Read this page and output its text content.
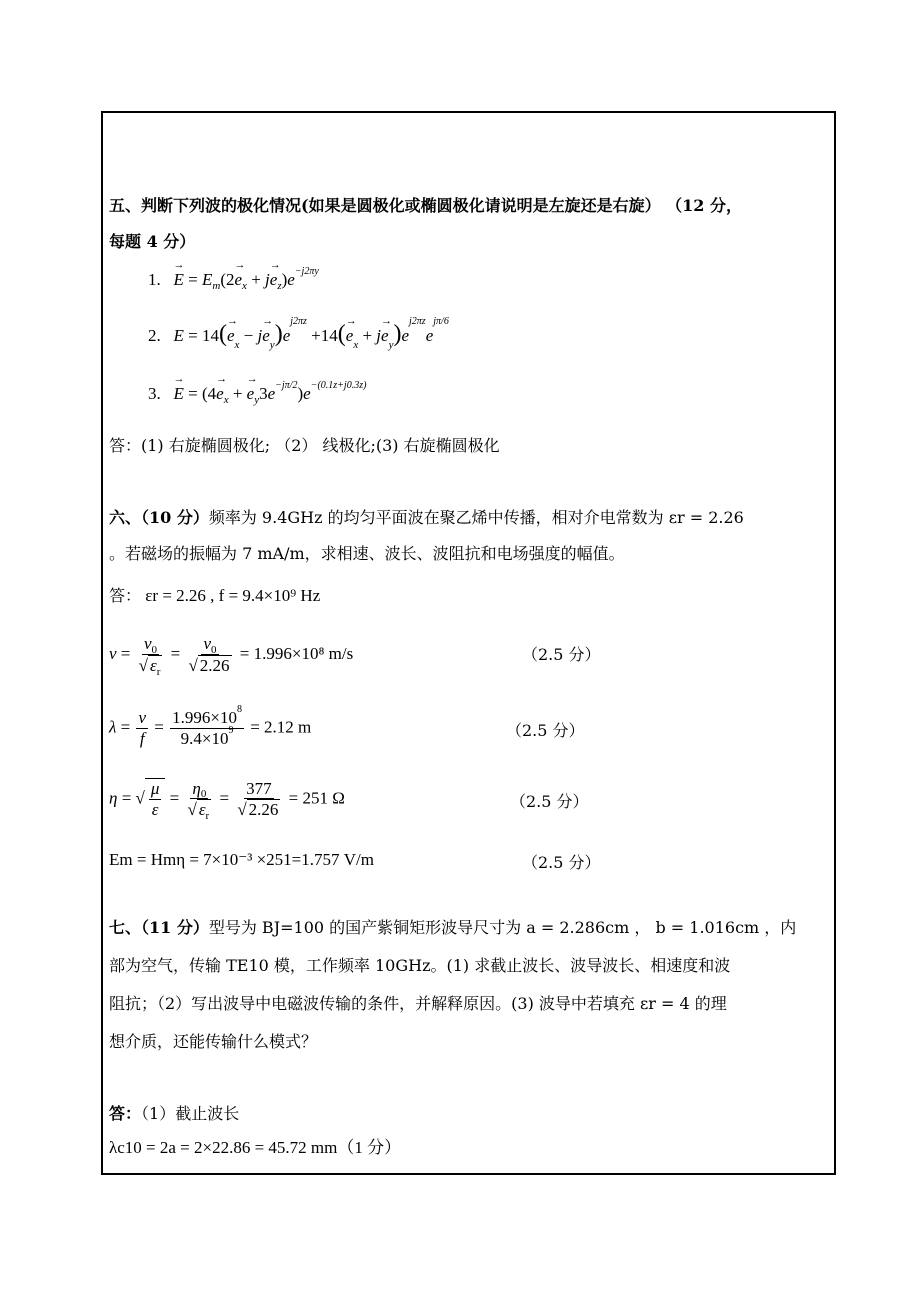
五、判断下列波的极化情况(如果是圆极化或椭圆极化请说明是左旋还是右旋） （12 分，
每题 4 分）
1. → $E = E_m(2\to e_x + j\to e_z)e^{-j2\pi y}$
2. $E = 14(\to e_x - j\to e_y)e^{j2\pi z} +14(\to e_x + j\to e_y)e^{j2\pi z}e^{j\pi/6}$
3. → $E = (4\to e_x$ + → $e_y3e^{-j\pi/2})e^{-(0.1z+j0.3z)}$
答：(1) 右旋椭圆极化; （2） 线极化;(3) 右旋椭圆极化
六、（10 分）频率为 9.4GHz 的均匀平面波在聚乙烯中传播，相对介电常数为 εr = 2.26
。若磁场的振幅为 7 mA/m，求相速、波长、波阻抗和电场强度的幅值。
答： εr = 2.26 , f = 9.4×10⁹ Hz
$v = \frac{v_0}{√ \varepsilon_r} = \frac{v_0}{√ 2.26} = 1.996\times 10^8$ m/s	（2.5 分）
$\lambda = \frac{v}{f} = \frac{1.996\times 10^8}{9.4\times 10^9} = 2.12$ m	（2.5 分）
η = √ $\frac{\mu}{\varepsilon} = \frac{\eta_0}{√ \varepsilon_r} = \frac{377}{√ 2.26} = 251$ Ω	（2.5 分）
Em = Hmη = 7×10⁻³ ×251=1.757 V/m	（2.5 分）
七、（11 分）型号为 BJ=100 的国产紫铜矩形波导尺寸为 a = 2.286cm ， b = 1.016cm ，内
部为空气，传输 TE10 模，工作频率 10GHz。(1) 求截止波长、波导波长、相速度和波
阻抗；（2）写出波导中电磁波传输的条件，并解释原因。(3) 波导中若填充 εr = 4 的理
想介质，还能传输什么模式？
答：（1）截止波长
λc10 = 2a = 2×22.86 = 45.72 mm（1 分）
